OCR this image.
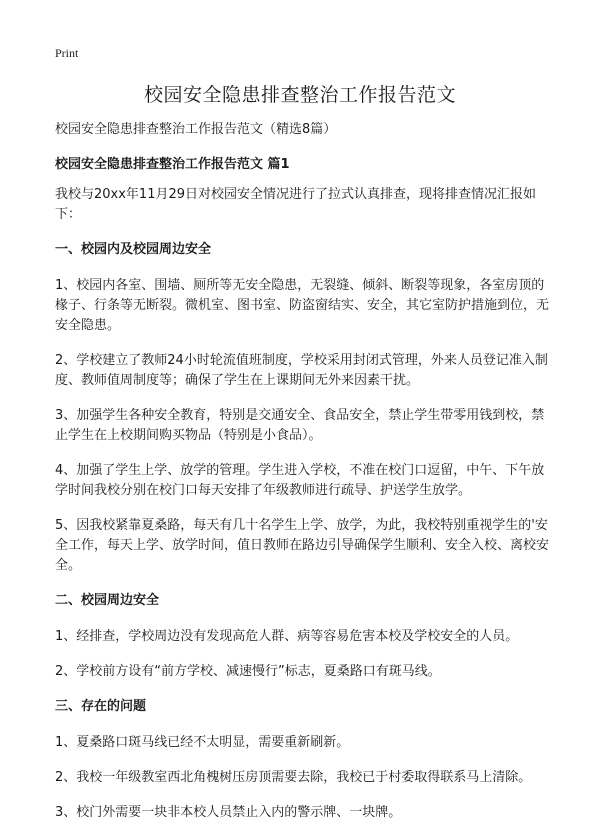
Print
校园安全隐患排查整治工作报告范文
校园安全隐患排查整治工作报告范文（精选8篇）
校园安全隐患排查整治工作报告范文 篇1

我校与20xx年11月29日对校园安全情况进行了拉式认真排查，现将排查情况汇报如下：

一、校园内及校园周边安全

1、校园内各室、围墙、厕所等无安全隐患，无裂缝、倾斜、断裂等现象，各室房顶的椽子、行条等无断裂。微机室、图书室、防盗窗结实、安全，其它室防护措施到位，无安全隐患。

2、学校建立了教师24小时轮流值班制度，学校采用封闭式管理，外来人员登记准入制度、教师值周制度等；确保了学生在上课期间无外来因素干扰。

3、加强学生各种安全教育，特别是交通安全、食品安全，禁止学生带零用钱到校，禁止学生在上校期间购买物品（特别是小食品）。

4、加强了学生上学、放学的管理。学生进入学校，不准在校门口逗留，中午、下午放学时间我校分别在校门口每天安排了年级教师进行疏导、护送学生放学。

5、因我校紧靠夏桑路，每天有几十名学生上学、放学，为此，我校特别重视学生的'安全工作，每天上学、放学时间，值日教师在路边引导确保学生顺利、安全入校、离校安全。

二、校园周边安全

1、经排查，学校周边没有发现高危人群、病等容易危害本校及学校安全的人员。

2、学校前方设有“前方学校、减速慢行”标志，夏桑路口有斑马线。

三、存在的问题

1、夏桑路口斑马线已经不太明显，需要重新刷新。

2、我校一年级教室西北角槐树压房顶需要去除，我校已于村委取得联系马上清除。

3、校门外需要一块非本校人员禁止入内的警示牌、一块牌。
